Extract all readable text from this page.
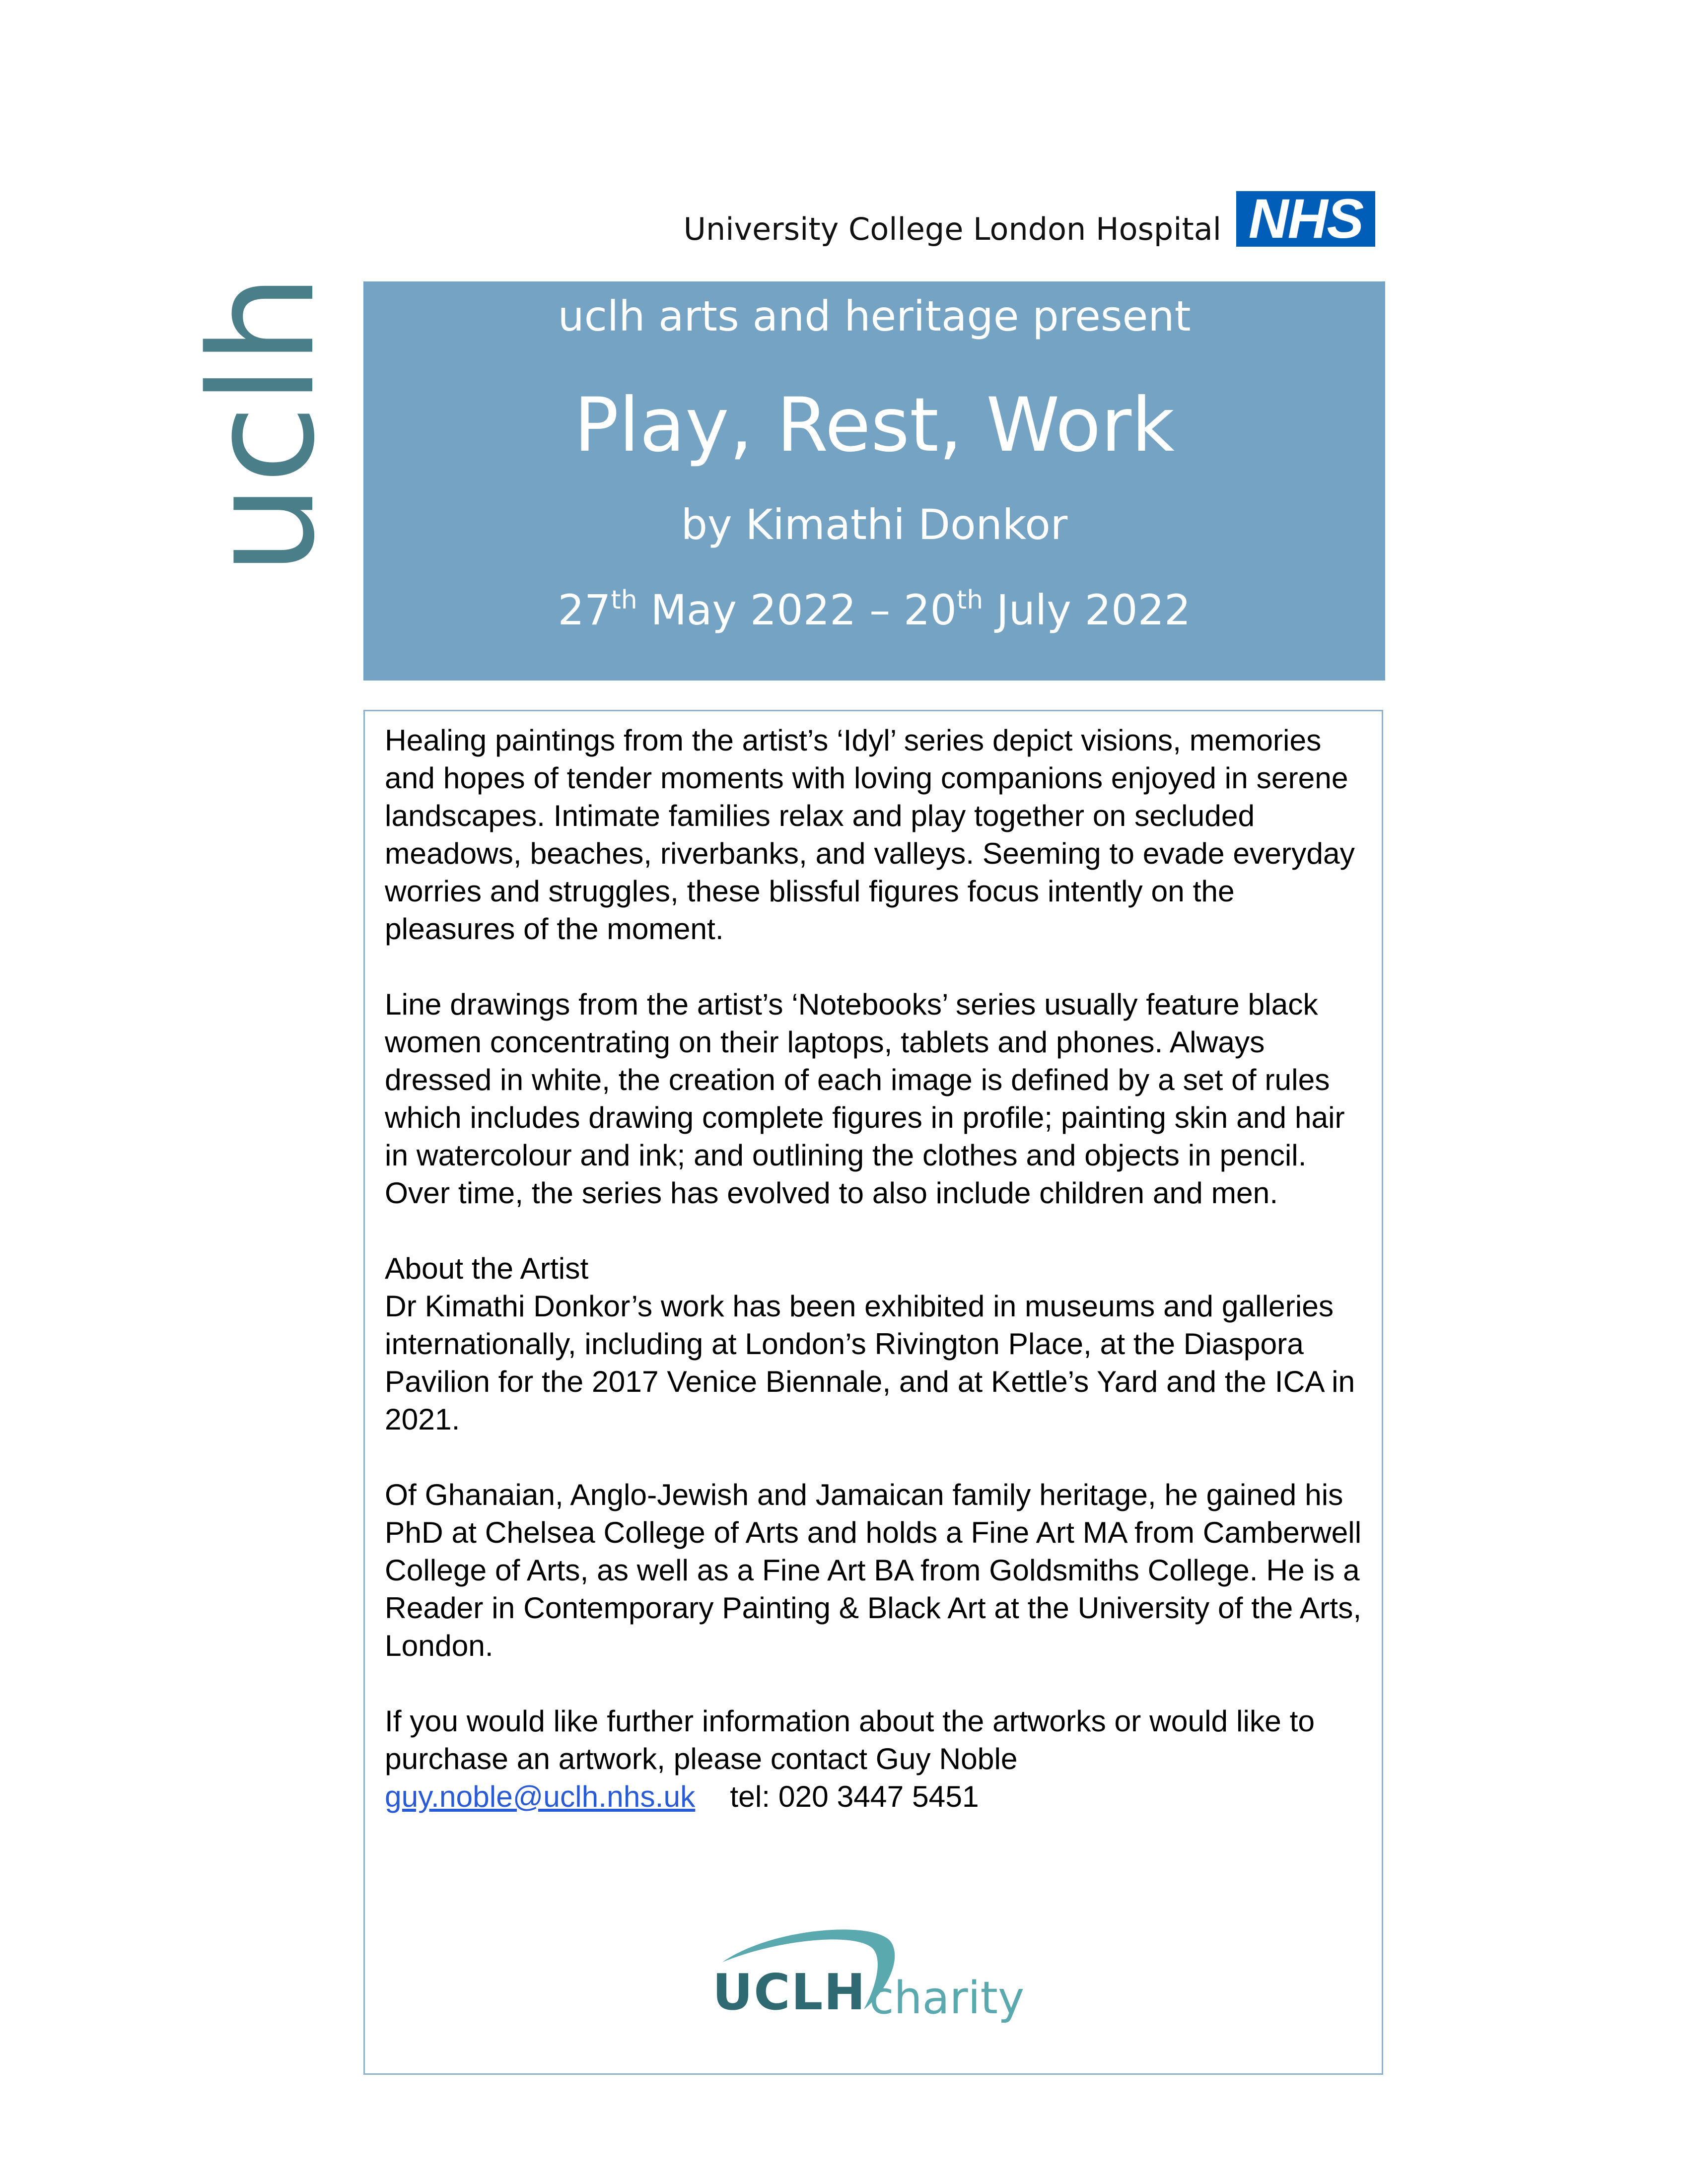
University College London Hospital NHS
uclh	uclh arts and heritage present
Play, Rest, Work
by Kimathi Donkor
27th May 2022 – 20th July 2022

Healing paintings from the artist’s ‘Idyl’ series depict visions, memories and hopes of tender moments with loving companions enjoyed in serene landscapes. Intimate families relax and play together on secluded meadows, beaches, riverbanks, and valleys. Seeming to evade everyday worries and struggles, these blissful figures focus intently on the pleasures of the moment.

Line drawings from the artist’s ‘Notebooks’ series usually feature black women concentrating on their laptops, tablets and phones. Always dressed in white, the creation of each image is defined by a set of rules which includes drawing complete figures in profile; painting skin and hair in watercolour and ink; and outlining the clothes and objects in pencil. Over time, the series has evolved to also include children and men.

About the Artist
Dr Kimathi Donkor’s work has been exhibited in museums and galleries internationally, including at London’s Rivington Place, at the Diaspora Pavilion for the 2017 Venice Biennale, and at Kettle’s Yard and the ICA in 2021.

Of Ghanaian, Anglo-Jewish and Jamaican family heritage, he gained his PhD at Chelsea College of Arts and holds a Fine Art MA from Camberwell College of Arts, as well as a Fine Art BA from Goldsmiths College. He is a Reader in Contemporary Painting & Black Art at the University of the Arts, London.

If you would like further information about the artworks or would like to purchase an artwork, please contact Guy Noble
guy.noble@uclh.nhs.uk tel: 020 3447 5451

UCLH charity
